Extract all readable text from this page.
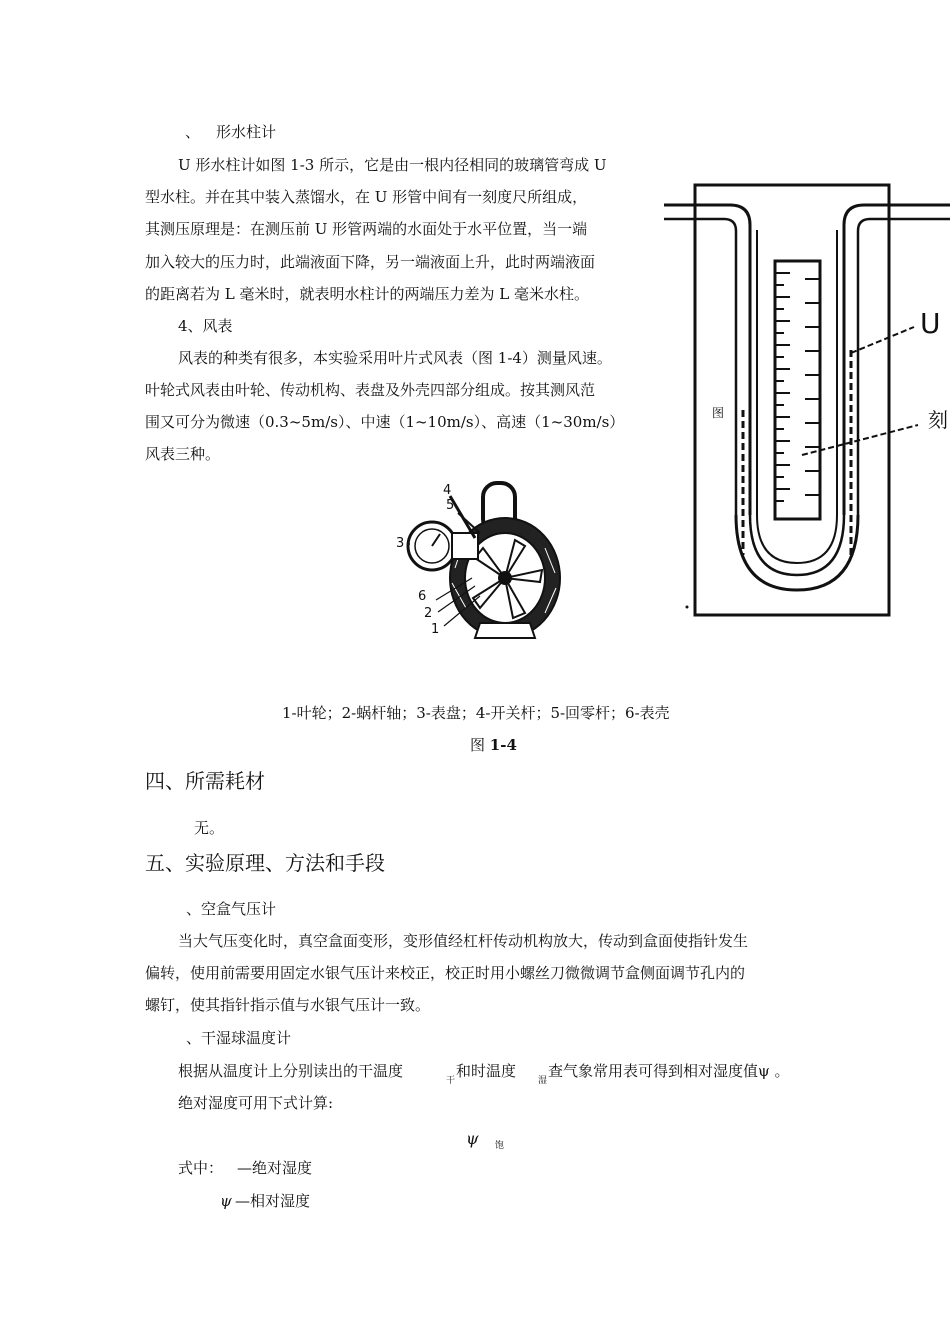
、 形水柱计
U 形水柱计如图 1-3 所示，它是由一根内径相同的玻璃管弯成 U
型水柱。并在其中装入蒸馏水，在 U 形管中间有一刻度尺所组成，
其测压原理是：在测压前 U 形管两端的水面处于水平位置，当一端
加入较大的压力时，此端液面下降，另一端液面上升，此时两端液面
的距离若为 L 毫米时，就表明水柱计的两端压力差为 L 毫米水柱。
4、风表
风表的种类有很多，本实验采用叶片式风表（图 1-4）测量风速。
叶轮式风表由叶轮、传动机构、表盘及外壳四部分组成。按其测风范
围又可分为微速（0.3~5m/s）、中速（1~10m/s）、高速（1~30m/s）
风表三种。
U
刻
图
4
5
3
6
2
1
1-叶轮；2-蜗杆轴；3-表盘；4-开关杆；5-回零杆；6-表壳
图 1-4
四、所需耗材
无。
五、实验原理、方法和手段
、空盒气压计
当大气压变化时，真空盒面变形，变形值经杠杆传动机构放大，传动到盒面使指针发生
偏转，使用前需要用固定水银气压计来校正，校正时用小螺丝刀微微调节盒侧面调节孔内的
螺钉，使其指针指示值与水银气压计一致。
、干湿球温度计
根据从温度计上分别读出的干温度
干
和时温度
湿
查气象常用表可得到相对湿度值ψ 。
绝对湿度可用下式计算:
ψ 饱
式中： —绝对湿度
ψ —相对湿度
